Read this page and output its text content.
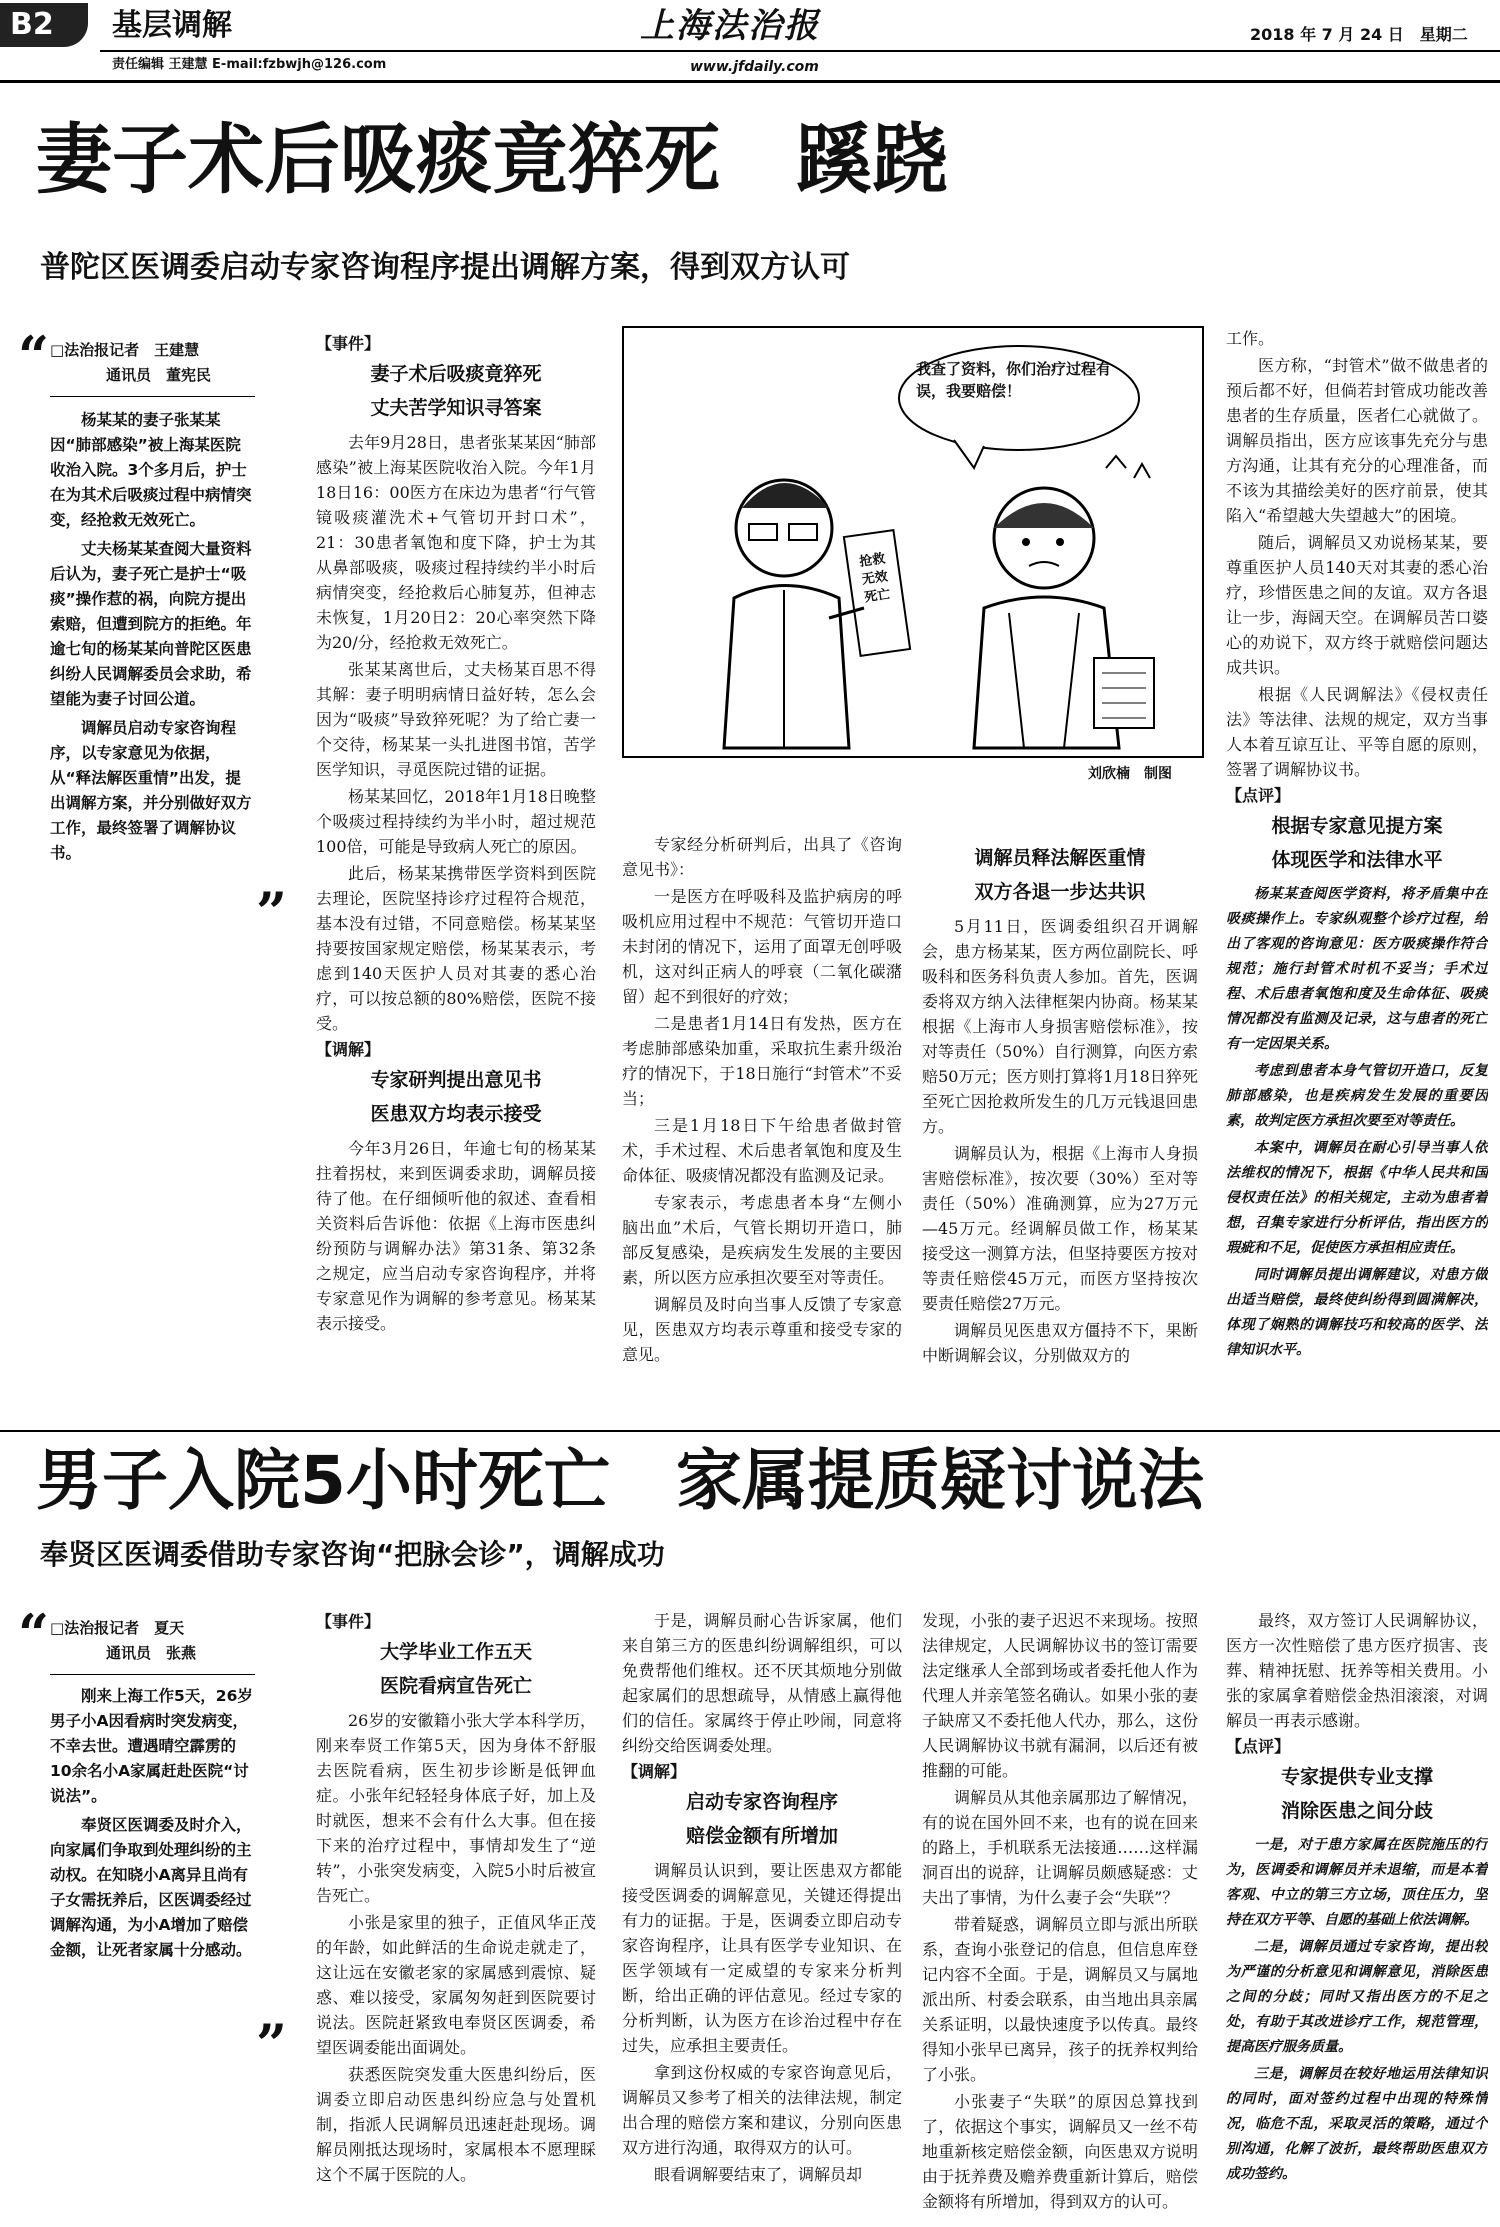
B2 基层调解
责任编辑 王建慧 E-mail:fzbwjh@126.com
上海法治报
www.jfdaily.com
2018 年 7 月 24 日　星期二
妻子术后吸痰竟猝死　蹊跷
普陀区医调委启动专家咨询程序提出调解方案，得到双方认可
“ □法治报记者　王建慧
通讯员　董宪民

杨某某的妻子张某某因“肺部感染”被上海某医院收治入院。3个多月后，护士在为其术后吸痰过程中病情突变，经抢救无效死亡。

丈夫杨某某查阅大量资料后认为，妻子死亡是护士“吸痰”操作惹的祸，向院方提出索赔，但遭到院方的拒绝。年逾七旬的杨某某向普陀区医患纠纷人民调解委员会求助，希望能为妻子讨回公道。

调解员启动专家咨询程序，以专家意见为依据，从“释法解医重情”出发，提出调解方案，并分别做好双方工作，最终签署了调解协议书。

”
【事件】
妻子术后吸痰竟猝死
丈夫苦学知识寻答案

去年9月28日，患者张某某因“肺部感染”被上海某医院收治入院。今年1月18日16：00医方在床边为患者“行气管镜吸痰灌洗术+气管切开封口术”，21：30患者氧饱和度下降，护士为其从鼻部吸痰，吸痰过程持续约半小时后病情突变，经抢救后心肺复苏，但神志未恢复，1月20日2：20心率突然下降为20/分，经抢救无效死亡。

张某某离世后，丈夫杨某百思不得其解：妻子明明病情日益好转，怎么会因为“吸痰”导致猝死呢？为了给亡妻一个交待，杨某某一头扎进图书馆，苦学医学知识，寻觅医院过错的证据。

杨某某回忆，2018年1月18日晚整个吸痰过程持续约为半小时，超过规范100倍，可能是导致病人死亡的原因。

此后，杨某某携带医学资料到医院去理论，医院坚持诊疗过程符合规范，基本没有过错，不同意赔偿。杨某某坚持要按国家规定赔偿，杨某某表示，考虑到140天医护人员对其妻的悉心治疗，可以按总额的80%赔偿，医院不接受。

【调解】
专家研判提出意见书
医患双方均表示接受

今年3月26日，年逾七旬的杨某某拄着拐杖，来到医调委求助，调解员接待了他。在仔细倾听他的叙述、查看相关资料后告诉他：依据《上海市医患纠纷预防与调解办法》第31条、第32条之规定，应当启动专家咨询程序，并将专家意见作为调解的参考意见。杨某某表示接受。

我查了资料，你们治疗过程有误，我要赔偿！
抢救无效死亡
刘欣楠　制图

专家经分析研判后，出具了《咨询意见书》：

一是医方在呼吸科及监护病房的呼吸机应用过程中不规范：气管切开造口未封闭的情况下，运用了面罩无创呼吸机，这对纠正病人的呼衰（二氧化碳潴留）起不到很好的疗效；

二是患者1月14日有发热，医方在考虑肺部感染加重，采取抗生素升级治疗的情况下，于18日施行“封管术”不妥当；

三是1月18日下午给患者做封管术，手术过程、术后患者氧饱和度及生命体征、吸痰情况都没有监测及记录。

专家表示，考虑患者本身“左侧小脑出血”术后，气管长期切开造口，肺部反复感染，是疾病发生发展的主要因素，所以医方应承担次要至对等责任。

调解员及时向当事人反馈了专家意见，医患双方均表示尊重和接受专家的意见。

调解员释法解医重情
双方各退一步达共识

5月11日，医调委组织召开调解会，患方杨某某，医方两位副院长、呼吸科和医务科负责人参加。首先，医调委将双方纳入法律框架内协商。杨某某根据《上海市人身损害赔偿标准》，按对等责任（50%）自行测算，向医方索赔50万元；医方则打算将1月18日猝死至死亡因抢救所发生的几万元钱退回患方。

调解员认为，根据《上海市人身损害赔偿标准》，按次要（30%）至对等责任（50%）准确测算，应为27万元—45万元。经调解员做工作，杨某某接受这一测算方法，但坚持要医方按对等责任赔偿45万元，而医方坚持按次要责任赔偿27万元。

调解员见医患双方僵持不下，果断中断调解会议，分别做双方的

工作。

医方称，“封管术”做不做患者的预后都不好，但倘若封管成功能改善患者的生存质量，医者仁心就做了。调解员指出，医方应该事先充分与患方沟通，让其有充分的心理准备，而不该为其描绘美好的医疗前景，使其陷入“希望越大失望越大”的困境。

随后，调解员又劝说杨某某，要尊重医护人员140天对其妻的悉心治疗，珍惜医患之间的友谊。双方各退让一步，海阔天空。在调解员苦口婆心的劝说下，双方终于就赔偿问题达成共识。

根据《人民调解法》《侵权责任法》等法律、法规的规定，双方当事人本着互谅互让、平等自愿的原则，签署了调解协议书。

【点评】
根据专家意见提方案
体现医学和法律水平

杨某某查阅医学资料，将矛盾集中在吸痰操作上。专家纵观整个诊疗过程，给出了客观的咨询意见：医方吸痰操作符合规范；施行封管术时机不妥当；手术过程、术后患者氧饱和度及生命体征、吸痰情况都没有监测及记录，这与患者的死亡有一定因果关系。

考虑到患者本身气管切开造口，反复肺部感染，也是疾病发生发展的重要因素，故判定医方承担次要至对等责任。

本案中，调解员在耐心引导当事人依法维权的情况下，根据《中华人民共和国侵权责任法》的相关规定，主动为患者着想，召集专家进行分析评估，指出医方的瑕疵和不足，促使医方承担相应责任。

同时调解员提出调解建议，对患方做出适当赔偿，最终使纠纷得到圆满解决，体现了娴熟的调解技巧和较高的医学、法律知识水平。

男子入院5小时死亡　家属提质疑讨说法
奉贤区医调委借助专家咨询“把脉会诊”，调解成功
“ □法治报记者　夏天
通讯员　张燕

刚来上海工作5天，26岁男子小A因看病时突发病变，不幸去世。遭遇晴空霹雳的10余名小A家属赶赴医院“讨说法”。

奉贤区医调委及时介入，向家属们争取到处理纠纷的主动权。在知晓小A离异且尚有子女需抚养后，区医调委经过调解沟通，为小A增加了赔偿金额，让死者家属十分感动。

”
【事件】
大学毕业工作五天
医院看病宣告死亡

26岁的安徽籍小张大学本科学历，刚来奉贤工作第5天，因为身体不舒服去医院看病，医生初步诊断是低钾血症。小张年纪轻轻身体底子好，加上及时就医，想来不会有什么大事。但在接下来的治疗过程中，事情却发生了“逆转”，小张突发病变，入院5小时后被宣告死亡。

小张是家里的独子，正值风华正茂的年龄，如此鲜活的生命说走就走了，这让远在安徽老家的家属感到震惊、疑惑、难以接受，家属匆匆赶到医院要讨说法。医院赶紧致电奉贤区医调委，希望医调委能出面调处。

获悉医院突发重大医患纠纷后，医调委立即启动医患纠纷应急与处置机制，指派人民调解员迅速赶赴现场。调解员刚抵达现场时，家属根本不愿理睬这个不属于医院的人。

于是，调解员耐心告诉家属，他们来自第三方的医患纠纷调解组织，可以免费帮他们维权。还不厌其烦地分别做起家属们的思想疏导，从情感上赢得他们的信任。家属终于停止吵闹，同意将纠纷交给医调委处理。

【调解】
启动专家咨询程序
赔偿金额有所增加

调解员认识到，要让医患双方都能接受医调委的调解意见，关键还得提出有力的证据。于是，医调委立即启动专家咨询程序，让具有医学专业知识、在医学领域有一定威望的专家来分析判断，给出正确的评估意见。经过专家的分析判断，认为医方在诊治过程中存在过失，应承担主要责任。

拿到这份权威的专家咨询意见后，调解员又参考了相关的法律法规，制定出合理的赔偿方案和建议，分别向医患双方进行沟通，取得双方的认可。

眼看调解要结束了，调解员却

发现，小张的妻子迟迟不来现场。按照法律规定，人民调解协议书的签订需要法定继承人全部到场或者委托他人作为代理人并亲笔签名确认。如果小张的妻子缺席又不委托他人代办，那么，这份人民调解协议书就有漏洞，以后还有被推翻的可能。

调解员从其他亲属那边了解情况，有的说在国外回不来，也有的说在回来的路上，手机联系无法接通……这样漏洞百出的说辞，让调解员颇感疑惑：丈夫出了事情，为什么妻子会“失联”？

带着疑惑，调解员立即与派出所联系，查询小张登记的信息，但信息库登记内容不全面。于是，调解员又与属地派出所、村委会联系，由当地出具亲属关系证明，以最快速度予以传真。最终得知小张早已离异，孩子的抚养权判给了小张。

小张妻子“失联”的原因总算找到了，依据这个事实，调解员又一丝不苟地重新核定赔偿金额，向医患双方说明由于抚养费及赡养费重新计算后，赔偿金额将有所增加，得到双方的认可。

最终，双方签订人民调解协议，医方一次性赔偿了患方医疗损害、丧葬、精神抚慰、抚养等相关费用。小张的家属拿着赔偿金热泪滚滚，对调解员一再表示感谢。

【点评】
专家提供专业支撑
消除医患之间分歧

一是，对于患方家属在医院施压的行为，医调委和调解员并未退缩，而是本着客观、中立的第三方立场，顶住压力，坚持在双方平等、自愿的基础上依法调解。

二是，调解员通过专家咨询，提出较为严谨的分析意见和调解意见，消除医患之间的分歧；同时又指出医方的不足之处，有助于其改进诊疗工作，规范管理，提高医疗服务质量。

三是，调解员在较好地运用法律知识的同时，面对签约过程中出现的特殊情况，临危不乱，采取灵活的策略，通过个别沟通，化解了波折，最终帮助医患双方成功签约。
